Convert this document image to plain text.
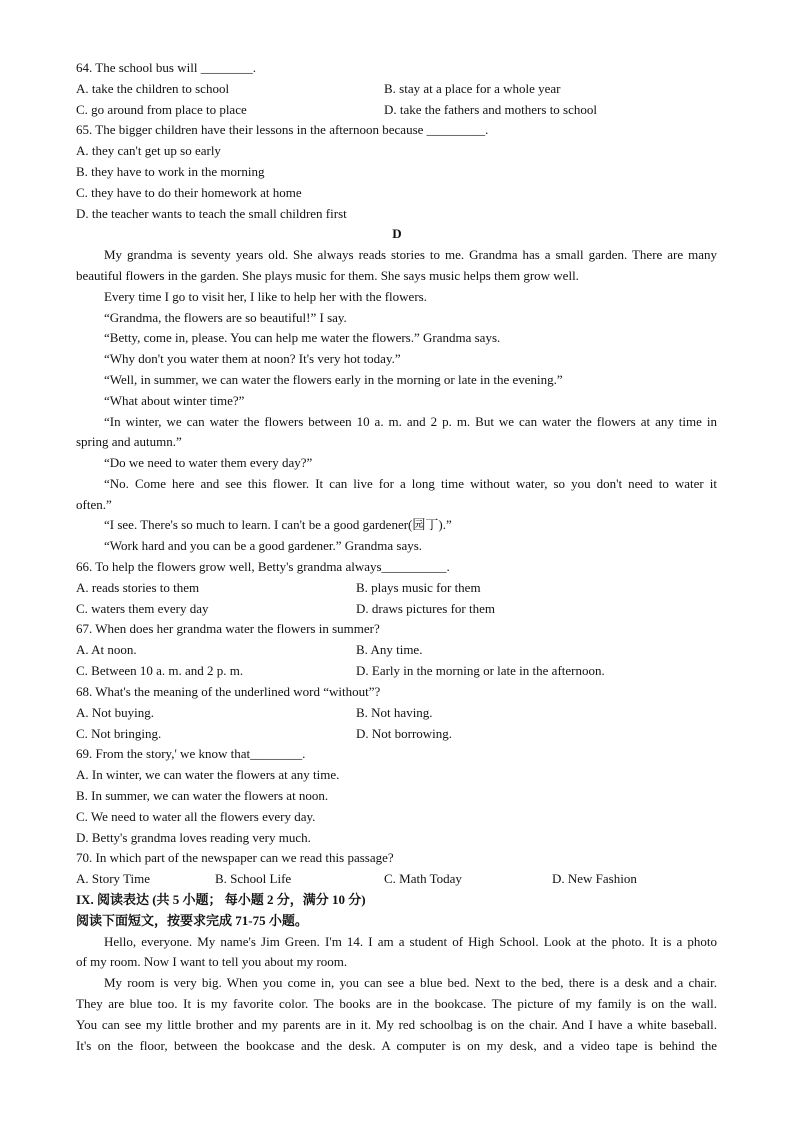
64. The school bus will ________.
A. take the children to school	B. stay at a place for a whole year
C. go around from place to place	D. take the fathers and mothers to school
65. The bigger children have their lessons in the afternoon because _________.
A. they can't get up so early
B. they have to work in the morning
C. they have to do their homework at home
D. the teacher wants to teach the small children first
D
My grandma is seventy years old. She always reads stories to me. Grandma has a small garden. There are many
beautiful flowers in the garden. She plays music for them. She says music helps them grow well.
Every time I go to visit her, I like to help her with the flowers.
“Grandma, the flowers are so beautiful!” I say.
“Betty, come in, please. You can help me water the flowers.” Grandma says.
“Why don't you water them at noon? It's very hot today.”
“Well, in summer, we can water the flowers early in the morning or late in the evening.”
“What about winter time?”
“In winter, we can water the flowers between 10 a. m. and 2 p. m. But we can water the flowers at any time in
spring and autumn.”
“Do we need to water them every day?”
“No. Come here and see this flower. It can live for a long time without water, so you don't need to water it
often.”
“I see. There's so much to learn. I can't be a good gardener(园丁).”
“Work hard and you can be a good gardener.” Grandma says.
66. To help the flowers grow well, Betty's grandma always__________.
A. reads stories to them	B. plays music for them
C. waters them every day	D. draws pictures for them
67. When does her grandma water the flowers in summer?
A. At noon.	B. Any time.
C. Between 10 a. m. and 2 p. m.	D. Early in the morning or late in the afternoon.
68. What's the meaning of the underlined word “without”?
A. Not buying.	B. Not having.
C. Not bringing.	D. Not borrowing.
69. From the story,' we know that________.
A. In winter, we can water the flowers at any time.
B. In summer, we can water the flowers at noon.
C. We need to water all the flowers every day.
D. Betty's grandma loves reading very much.
70. In which part of the newspaper can we read this passage?
A. Story Time	B. School Life	C. Math Today	D. New Fashion
IX. 阅读表达 (共 5 小题； 每小题 2 分，满分 10 分)
阅读下面短文，按要求完成 71-75 小题。
Hello, everyone. My name's Jim Green. I'm 14. I am a student of High School. Look at the photo. It is a photo
of my room. Now I want to tell you about my room.
My room is very big. When you come in, you can see a blue bed. Next to the bed, there is a desk and a chair.
They are blue too. It is my favorite color. The books are in the bookcase. The picture of my family is on the wall.
You can see my little brother and my parents are in it. My red schoolbag is on the chair. And I have a white baseball.
It's on the floor, between the bookcase and the desk. A computer is on my desk, and a video tape is behind the
